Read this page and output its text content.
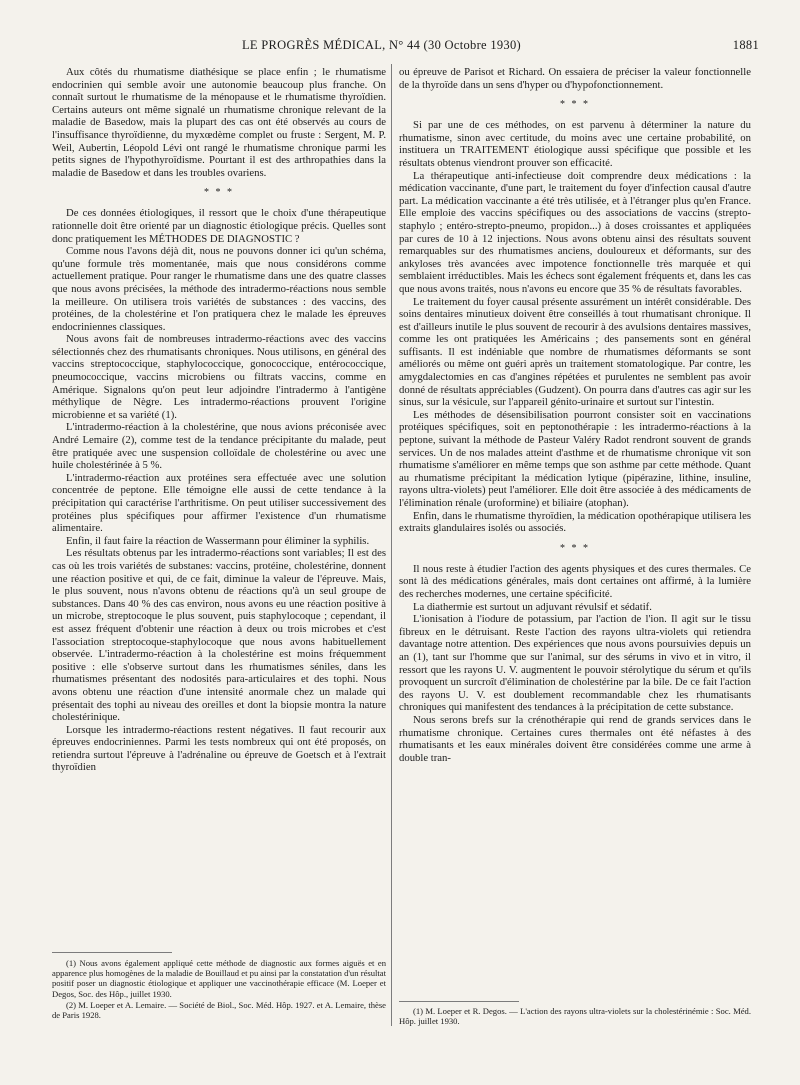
LE PROGRÈS MÉDICAL, N° 44 (30 Octobre 1930)	1881

Aux côtés du rhumatisme diathésique se place enfin ; le rhumatisme endocrinien qui semble avoir une autonomie beaucoup plus franche. On connaît surtout le rhumatisme de la ménopause et le rhumatisme thyroïdien. Certains auteurs ont même signalé un rhumatisme chronique relevant de la maladie de Basedow, mais la plupart des cas ont été observés au cours de l'insuffisance thyroïdienne, du myxœdème complet ou fruste : Sergent, M. P. Weil, Aubertin, Léopold Lévi ont rangé le rhumatisme chronique parmi les petits signes de l'hypothyroïdisme. Pourtant il est des arthropathies dans la maladie de Basedow et dans les troubles ovariens.

* * *

De ces données étiologiques, il ressort que le choix d'une thérapeutique rationnelle doit être orienté par un diagnostic étiologique précis. Quelles sont donc pratiquement les MÉTHODES DE DIAGNOSTIC ?

Comme nous l'avons déjà dit, nous ne pouvons donner ici qu'un schéma, qu'une formule très momentanée, mais que nous considérons comme actuellement pratique. Pour ranger le rhumatisme dans une des quatre classes que nous avons précisées, la méthode des intradermo-réactions nous semble la meilleure. On utilisera trois variétés de substances : des vaccins, des protéines, de la cholestérine et l'on pratiquera chez le malade les épreuves endocriniennes classiques.

Nous avons fait de nombreuses intradermo-réactions avec des vaccins sélectionnés chez des rhumatisants chroniques. Nous utilisons, en général des vaccins streptococcique, staphylococcique, gonococcique, entérococcique, pneumococcique, vaccins microbiens ou filtrats vaccins, comme en Amérique. Signalons qu'on peut leur adjoindre l'intradermo à l'antigène méthylique de Nègre. Les intradermo-réactions prouvent l'origine microbienne et sa variété (1).

L'intradermo-réaction à la cholestérine, que nous avions préconisée avec André Lemaire (2), comme test de la tendance précipitante du malade, peut être pratiquée avec une suspension colloïdale de cholestérine ou avec une huile cholestérinée à 5 %.

L'intradermo-réaction aux protéines sera effectuée avec une solution concentrée de peptone. Elle témoigne elle aussi de cette tendance à la précipitation qui caractérise l'arthritisme. On peut utiliser successivement des protéines plus spécifiques pour affirmer l'existence d'un rhumatisme alimentaire.

Enfin, il faut faire la réaction de Wassermann pour éliminer la syphilis.

Les résultats obtenus par les intradermo-réactions sont variables; Il est des cas où les trois variétés de substanes: vaccins, protéine, cholestérine, donnent une réaction positive et qui, de ce fait, diminue la valeur de l'épreuve. Mais, le plus souvent, nous n'avons obtenu de réactions qu'à un seul groupe de substances. Dans 40 % des cas environ, nous avons eu une réaction positive à un microbe, streptocoque le plus souvent, puis staphylocoque ; cependant, il est assez fréquent d'obtenir une réaction à deux ou trois microbes et c'est l'association streptocoque-staphylocoque que nous avons habituellement observée. L'intradermo-réaction à la cholestérine est moins fréquemment positive : elle s'observe surtout dans les rhumatismes séniles, dans les rhumatismes présentant des nodosités para-articulaires et des tophi. Nous avons obtenu une réaction d'une intensité anormale chez un malade qui présentait des tophi au niveau des oreilles et dont la biopsie montra la nature cholestérinique.

Lorsque les intradermo-réactions restent négatives. Il faut recourir aux épreuves endocriniennes. Parmi les tests nombreux qui ont été proposés, on retiendra surtout l'épreuve à l'adrénaline ou épreuve de Goetsch et à l'extrait thyroïdien

(1) Nous avons également appliqué cette méthode de diagnostic aux formes aiguës et en apparence plus homogènes de la maladie de Bouillaud et pu ainsi par la constatation d'un résultat positif poser un diagnostic étiologique et appliquer une vaccinothérapie efficace (M. Loeper et Degos, Soc. des Hôp., juillet 1930.

(2) M. Loeper et A. Lemaire. — Société de Biol., Soc. Méd. Hôp. 1927. et A. Lemaire, thèse de Paris 1928.

ou épreuve de Parisot et Richard. On essaiera de préciser la valeur fonctionnelle de la thyroïde dans un sens d'hyper ou d'hypofonctionnement.

* * *

Si par une de ces méthodes, on est parvenu à déterminer la nature du rhumatisme, sinon avec certitude, du moins avec une certaine probabilité, on instituera un TRAITEMENT étiologique aussi spécifique que possible et les résultats obtenus viendront prouver son efficacité.

La thérapeutique anti-infectieuse doit comprendre deux médications : la médication vaccinante, d'une part, le traitement du foyer d'infection causal d'autre part. La médication vaccinante a été très utilisée, et à l'étranger plus qu'en France. Elle emploie des vaccins spécifiques ou des associations de vaccins (strepto-staphylo ; entéro-strepto-pneumo, propidon...) à doses croissantes et appliquées par cures de 10 à 12 injections. Nous avons obtenu ainsi des résultats souvent remarquables sur des rhumatismes anciens, douloureux et déformants, sur des ankyloses très avancées avec impotence fonctionnelle très marquée et qui semblaient irréductibles. Mais les échecs sont également fréquents et, dans les cas que nous avons traités, nous n'avons eu encore que 35 % de résultats favorables.

Le traitement du foyer causal présente assurément un intérêt considérable. Des soins dentaires minutieux doivent être conseillés à tout rhumatisant chronique. Il est d'ailleurs inutile le plus souvent de recourir à des avulsions dentaires massives, comme les ont pratiquées les Américains ; des pansements sont en général suffisants. Il est indéniable que nombre de rhumatismes déformants se sont améliorés ou même ont guéri après un traitement stomatologique. Par contre, les amygdalectomies en cas d'angines répétées et purulentes ne semblent pas avoir donné de résultats appréciables (Gudzent). On pourra dans d'autres cas agir sur les sinus, sur la vésicule, sur l'appareil génito-urinaire et surtout sur l'intestin.

Les méthodes de désensibilisation pourront consister soit en vaccinations protéiques spécifiques, soit en peptonothérapie : les intradermo-réactions à la peptone, suivant la méthode de Pasteur Valéry Radot rendront souvent de grands services. Un de nos malades atteint d'asthme et de rhumatisme chronique vit son rhumatisme s'améliorer en même temps que son asthme par cette méthode. Quant au rhumatisme précipitant la médication lytique (pipérazine, lithine, insuline, rayons ultra-violets) peut l'améliorer. Elle doit être associée à des médicaments de l'élimination rénale (uroformine) et biliaire (atophan).

Enfin, dans le rhumatisme thyroïdien, la médication opothérapique utilisera les extraits glandulaires isolés ou associés.

* * *

Il nous reste à étudier l'action des agents physiques et des cures thermales. Ce sont là des médications générales, mais dont certaines ont affirmé, à la lumière des recherches modernes, une certaine spécificité.

La diathermie est surtout un adjuvant révulsif et sédatif.

L'ionisation à l'iodure de potassium, par l'action de l'ion. Il agit sur le tissu fibreux en le détruisant. Reste l'action des rayons ultra-violets qui retiendra davantage notre attention. Des expériences que nous avons poursuivies depuis un an (1), tant sur l'homme que sur l'animal, sur des sérums in vivo et in vitro, il ressort que les rayons U. V. augmentent le pouvoir stérolytique du sérum et qu'ils provoquent un surcroît d'élimination de cholestérine par la bile. De ce fait l'action des rayons U. V. est doublement recommandable chez les rhumatisants chroniques qui manifestent des tendances à la précipitation de cette substance.

Nous serons brefs sur la crénothérapie qui rend de grands services dans le rhumatisme chronique. Certaines cures thermales ont été néfastes à des rhumatisants et les eaux minérales doivent être considérées comme une arme à double tran-

(1) M. Loeper et R. Degos. — L'action des rayons ultra-violets sur la cholestérinémie : Soc. Méd. Hôp. juillet 1930.
